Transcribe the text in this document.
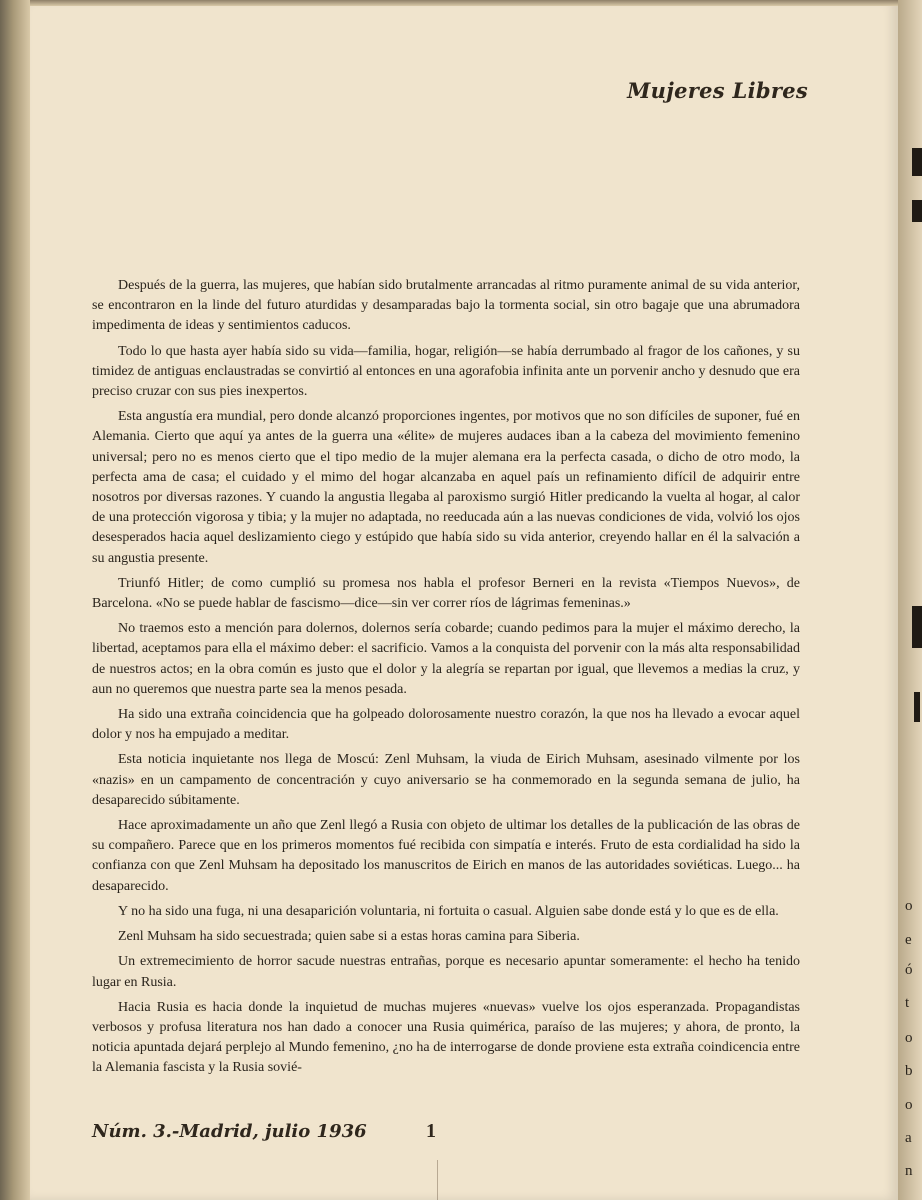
o
e
ó
t
o
b
o
a
n
Mujeres Libres

Después de la guerra, las mujeres, que habían sido brutalmente arrancadas al ritmo puramente animal de su vida anterior, se encontraron en la linde del futuro aturdidas y desamparadas bajo la tormenta social, sin otro bagaje que una abrumadora impedimenta de ideas y sentimientos caducos.

Todo lo que hasta ayer había sido su vida—familia, hogar, religión—se había derrumbado al fragor de los cañones, y su timidez de antiguas enclaustradas se convirtió al entonces en una agorafobia infinita ante un porvenir ancho y desnudo que era preciso cruzar con sus pies inexpertos.

Esta angustía era mundial, pero donde alcanzó proporciones ingentes, por motivos que no son difíciles de suponer, fué en Alemania. Cierto que aquí ya antes de la guerra una «élite» de mujeres audaces iban a la cabeza del movimiento femenino universal; pero no es menos cierto que el tipo medio de la mujer alemana era la perfecta casada, o dicho de otro modo, la perfecta ama de casa; el cuidado y el mimo del hogar alcanzaba en aquel país un refinamiento difícil de adquirir entre nosotros por diversas razones. Y cuando la angustia llegaba al paroxismo surgió Hitler predicando la vuelta al hogar, al calor de una protección vigorosa y tibia; y la mujer no adaptada, no reeducada aún a las nuevas condiciones de vida, volvió los ojos desesperados hacia aquel deslizamiento ciego y estúpido que había sido su vida anterior, creyendo hallar en él la salvación a su angustia presente.

Triunfó Hitler; de como cumplió su promesa nos habla el profesor Berneri en la revista «Tiempos Nuevos», de Barcelona. «No se puede hablar de fascismo—dice—sin ver correr ríos de lágrimas femeninas.»

No traemos esto a mención para dolernos, dolernos sería cobarde; cuando pedimos para la mujer el máximo derecho, la libertad, aceptamos para ella el máximo deber: el sacrificio. Vamos a la conquista del porvenir con la más alta responsabilidad de nuestros actos; en la obra común es justo que el dolor y la alegría se repartan por igual, que llevemos a medias la cruz, y aun no queremos que nuestra parte sea la menos pesada.

Ha sido una extraña coincidencia que ha golpeado dolorosamente nuestro corazón, la que nos ha llevado a evocar aquel dolor y nos ha empujado a meditar.

Esta noticia inquietante nos llega de Moscú: Zenl Muhsam, la viuda de Eirich Muhsam, asesinado vilmente por los «nazis» en un campamento de concentración y cuyo aniversario se ha conmemorado en la segunda semana de julio, ha desaparecido súbitamente.

Hace aproximadamente un año que Zenl llegó a Rusia con objeto de ultimar los detalles de la publicación de las obras de su compañero. Parece que en los primeros momentos fué recibida con simpatía e interés. Fruto de esta cordialidad ha sido la confianza con que Zenl Muhsam ha depositado los manuscritos de Eirich en manos de las autoridades soviéticas. Luego... ha desaparecido.

Y no ha sido una fuga, ni una desaparición voluntaria, ni fortuita o casual. Alguien sabe donde está y lo que es de ella.

Zenl Muhsam ha sido secuestrada; quien sabe si a estas horas camina para Siberia.

Un extremecimiento de horror sacude nuestras entrañas, porque es necesario apuntar someramente: el hecho ha tenido lugar en Rusia.

Hacia Rusia es hacia donde la inquietud de muchas mujeres «nuevas» vuelve los ojos esperanzada. Propagandistas verbosos y profusa literatura nos han dado a conocer una Rusia quimérica, paraíso de las mujeres; y ahora, de pronto, la noticia apuntada dejará perplejo al Mundo femenino, ¿no ha de interrogarse de donde proviene esta extraña coindicencia entre la Alemania fascista y la Rusia sovié-

Núm. 3.-Madrid, julio 1936	1
